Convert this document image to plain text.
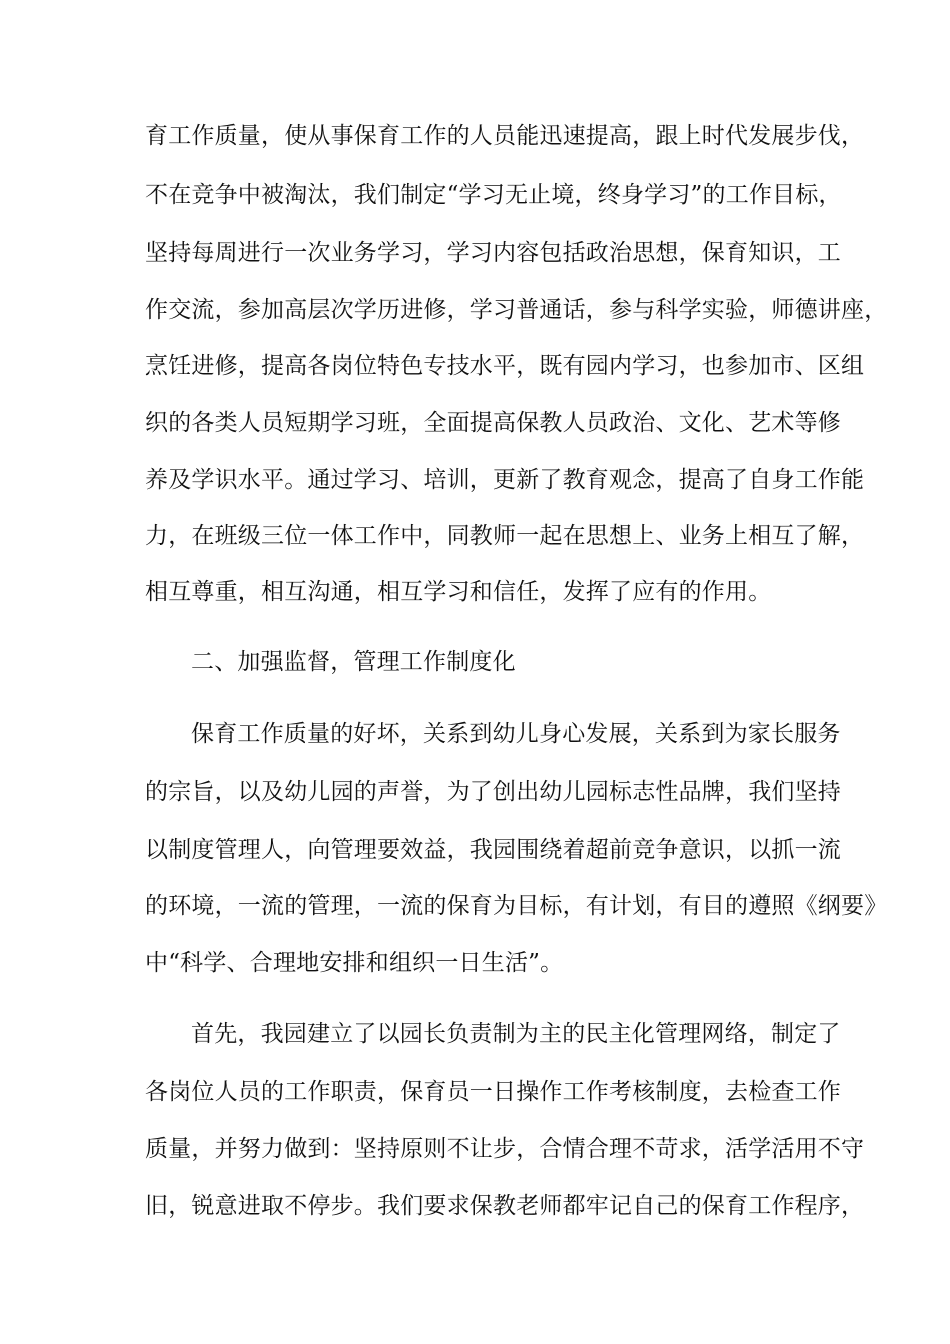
育工作质量，使从事保育工作的人员能迅速提高，跟上时代发展步伐，
不在竞争中被淘汰，我们制定“学习无止境，终身学习”的工作目标，
坚持每周进行一次业务学习，学习内容包括政治思想，保育知识，工
作交流，参加高层次学历进修，学习普通话，参与科学实验，师德讲座，
烹饪进修，提高各岗位特色专技水平，既有园内学习，也参加市、区组
织的各类人员短期学习班，全面提高保教人员政治、文化、艺术等修
养及学识水平。通过学习、培训，更新了教育观念，提高了自身工作能
力，在班级三位一体工作中，同教师一起在思想上、业务上相互了解，
相互尊重，相互沟通，相互学习和信任，发挥了应有的作用。
二、加强监督，管理工作制度化
保育工作质量的好坏，关系到幼儿身心发展，关系到为家长服务
的宗旨，以及幼儿园的声誉，为了创出幼儿园标志性品牌，我们坚持
以制度管理人，向管理要效益，我园围绕着超前竞争意识，以抓一流
的环境，一流的管理，一流的保育为目标，有计划，有目的遵照《纲要》
中“科学、合理地安排和组织一日生活”。
首先，我园建立了以园长负责制为主的民主化管理网络，制定了
各岗位人员的工作职责，保育员一日操作工作考核制度，去检查工作
质量，并努力做到：坚持原则不让步，合情合理不苛求，活学活用不守
旧，锐意进取不停步。我们要求保教老师都牢记自己的保育工作程序，
